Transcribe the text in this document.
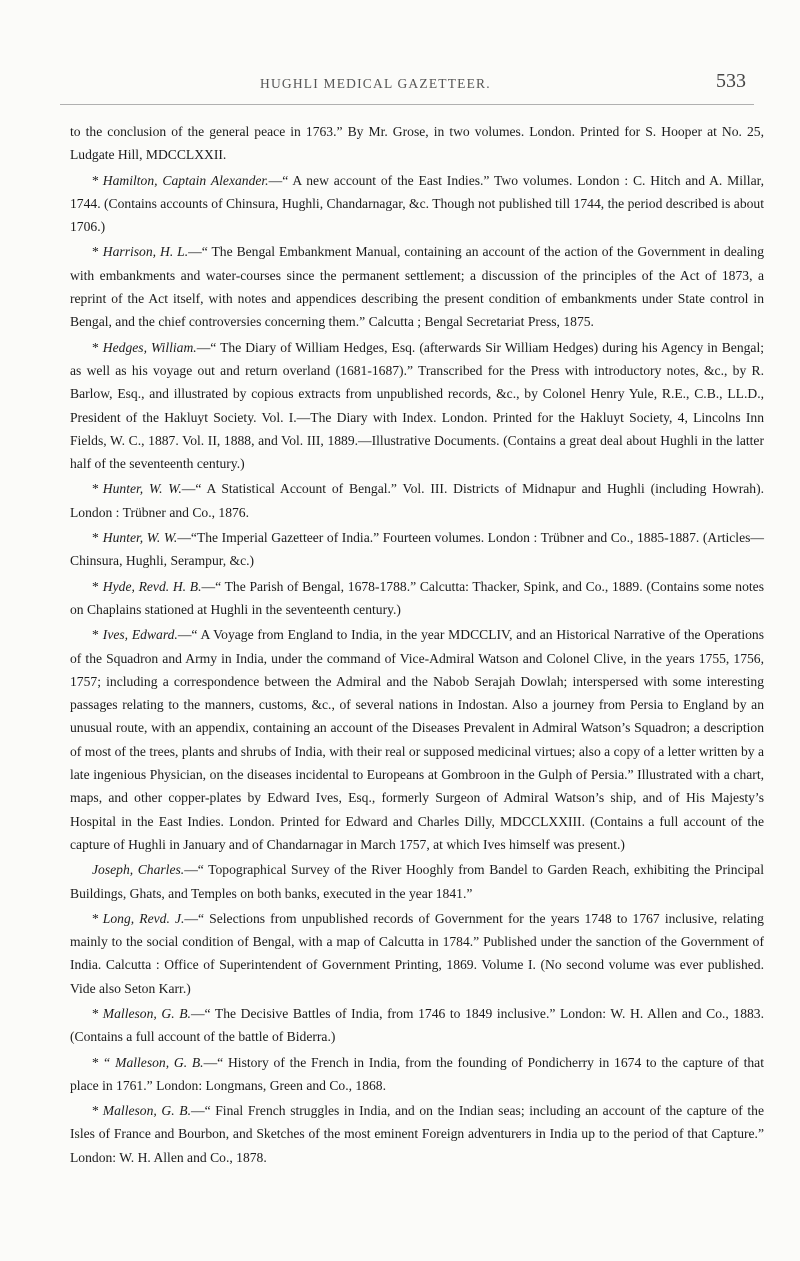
HUGHLI MEDICAL GAZETTEER.	533

to the conclusion of the general peace in 1763.” By Mr. Grose, in two volumes. London. Printed for S. Hooper at No. 25, Ludgate Hill, MDCCLXXII.

* Hamilton, Captain Alexander.—“ A new account of the East Indies.” Two volumes. London : C. Hitch and A. Millar, 1744. (Contains accounts of Chinsura, Hughli, Chandarnagar, &c. Though not published till 1744, the period described is about 1706.)

* Harrison, H. L.—“ The Bengal Embankment Manual, containing an account of the action of the Government in dealing with embankments and water-courses since the permanent settlement; a discussion of the principles of the Act of 1873, a reprint of the Act itself, with notes and appendices describing the present condition of embankments under State control in Bengal, and the chief controversies concerning them.” Calcutta ; Bengal Secretariat Press, 1875.

* Hedges, William.—“ The Diary of William Hedges, Esq. (afterwards Sir William Hedges) during his Agency in Bengal; as well as his voyage out and return overland (1681-1687).” Transcribed for the Press with introductory notes, &c., by R. Barlow, Esq., and illustrated by copious extracts from unpublished records, &c., by Colonel Henry Yule, R.E., C.B., LL.D., President of the Hakluyt Society. Vol. I.—The Diary with Index. London. Printed for the Hakluyt Society, 4, Lincolns Inn Fields, W. C., 1887. Vol. II, 1888, and Vol. III, 1889.—Illustrative Documents. (Contains a great deal about Hughli in the latter half of the seventeenth century.)

* Hunter, W. W.—“ A Statistical Account of Bengal.” Vol. III. Districts of Midnapur and Hughli (including Howrah). London : Trübner and Co., 1876.

* Hunter, W. W.—“The Imperial Gazetteer of India.” Fourteen volumes. London : Trübner and Co., 1885-1887. (Articles—Chinsura, Hughli, Serampur, &c.)

* Hyde, Revd. H. B.—“ The Parish of Bengal, 1678-1788.” Calcutta: Thacker, Spink, and Co., 1889. (Contains some notes on Chaplains stationed at Hughli in the seventeenth century.)

* Ives, Edward.—“ A Voyage from England to India, in the year MDCCLIV, and an Historical Narrative of the Operations of the Squadron and Army in India, under the command of Vice-Admiral Watson and Colonel Clive, in the years 1755, 1756, 1757; including a correspondence between the Admiral and the Nabob Serajah Dowlah; interspersed with some interesting passages relating to the manners, customs, &c., of several nations in Indostan. Also a journey from Persia to England by an unusual route, with an appendix, containing an account of the Diseases Prevalent in Admiral Watson’s Squadron; a description of most of the trees, plants and shrubs of India, with their real or supposed medicinal virtues; also a copy of a letter written by a late ingenious Physician, on the diseases incidental to Europeans at Gombroon in the Gulph of Persia.” Illustrated with a chart, maps, and other copper-plates by Edward Ives, Esq., formerly Surgeon of Admiral Watson’s ship, and of His Majesty’s Hospital in the East Indies. London. Printed for Edward and Charles Dilly, MDCCLXXIII. (Contains a full account of the capture of Hughli in January and of Chandarnagar in March 1757, at which Ives himself was present.)

Joseph, Charles.—“ Topographical Survey of the River Hooghly from Bandel to Garden Reach, exhibiting the Principal Buildings, Ghats, and Temples on both banks, executed in the year 1841.”

* Long, Revd. J.—“ Selections from unpublished records of Government for the years 1748 to 1767 inclusive, relating mainly to the social condition of Bengal, with a map of Calcutta in 1784.” Published under the sanction of the Government of India. Calcutta : Office of Superintendent of Government Printing, 1869. Volume I. (No second volume was ever published. Vide also Seton Karr.)

* Malleson, G. B.—“ The Decisive Battles of India, from 1746 to 1849 inclusive.” London: W. H. Allen and Co., 1883. (Contains a full account of the battle of Biderra.)

* “ Malleson, G. B.—“ History of the French in India, from the founding of Pondicherry in 1674 to the capture of that place in 1761.” London: Longmans, Green and Co., 1868.

* Malleson, G. B.—“ Final French struggles in India, and on the Indian seas; including an account of the capture of the Isles of France and Bourbon, and Sketches of the most eminent Foreign adventurers in India up to the period of that Capture.” London: W. H. Allen and Co., 1878.
